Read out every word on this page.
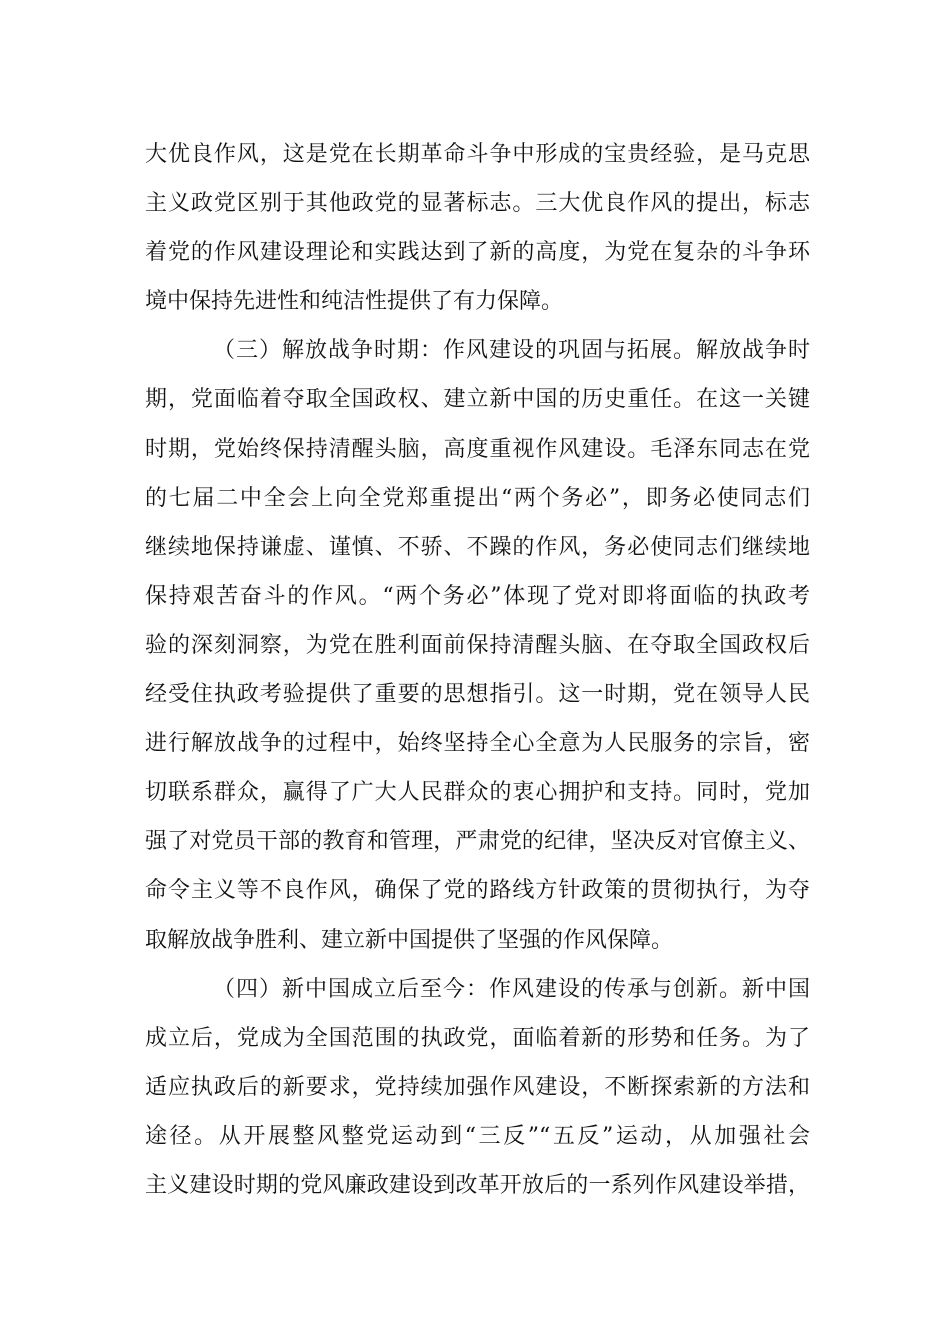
大优良作风，这是党在长期革命斗争中形成的宝贵经验，是马克思
主义政党区别于其他政党的显著标志。三大优良作风的提出，标志
着党的作风建设理论和实践达到了新的高度，为党在复杂的斗争环
境中保持先进性和纯洁性提供了有力保障。
（三）解放战争时期：作风建设的巩固与拓展。解放战争时
期，党面临着夺取全国政权、建立新中国的历史重任。在这一关键
时期，党始终保持清醒头脑，高度重视作风建设。毛泽东同志在党
的七届二中全会上向全党郑重提出“两个务必”，即务必使同志们
继续地保持谦虚、谨慎、不骄、不躁的作风，务必使同志们继续地
保持艰苦奋斗的作风。“两个务必”体现了党对即将面临的执政考
验的深刻洞察，为党在胜利面前保持清醒头脑、在夺取全国政权后
经受住执政考验提供了重要的思想指引。这一时期，党在领导人民
进行解放战争的过程中，始终坚持全心全意为人民服务的宗旨，密
切联系群众，赢得了广大人民群众的衷心拥护和支持。同时，党加
强了对党员干部的教育和管理，严肃党的纪律，坚决反对官僚主义、
命令主义等不良作风，确保了党的路线方针政策的贯彻执行，为夺
取解放战争胜利、建立新中国提供了坚强的作风保障。
（四）新中国成立后至今：作风建设的传承与创新。新中国
成立后，党成为全国范围的执政党，面临着新的形势和任务。为了
适应执政后的新要求，党持续加强作风建设，不断探索新的方法和
途径。从开展整风整党运动到“三反”“五反”运动，从加强社会
主义建设时期的党风廉政建设到改革开放后的一系列作风建设举措，
